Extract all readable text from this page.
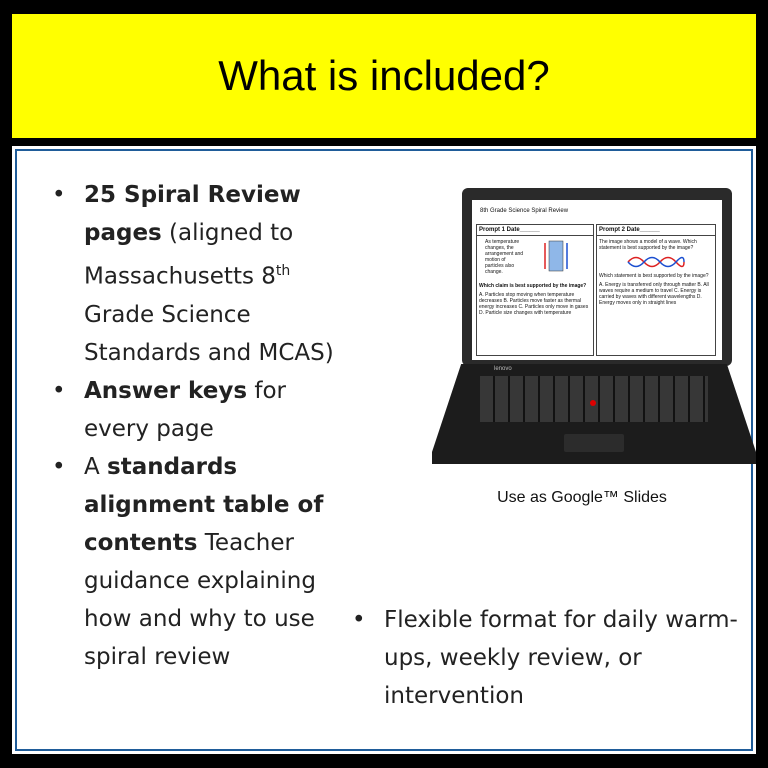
What is included?
• 25 Spiral Review pages (aligned to Massachusetts 8th Grade Science Standards and MCAS)
• Answer keys for every page
• A standards alignment table of contents Teacher guidance explaining how and why to use spiral review
8th Grade Science Spiral Review
Prompt 1 Date______
As temperature changes, the arrangement and motion of particles also change.
Which claim is best supported by the image?
A. Particles stop moving when temperature decreases B. Particles move faster as thermal energy increases C. Particles only move in gases D. Particle size changes with temperature
Prompt 2 Date______
The image shows a model of a wave. Which statement is best supported by the image?
Which statement is best supported by the image?
A. Energy is transferred only through matter B. All waves require a medium to travel C. Energy is carried by waves with different wavelengths D. Energy moves only in straight lines
lenovo
Use as Google™ Slides
• Flexible format for daily warm-ups, weekly review, or intervention
